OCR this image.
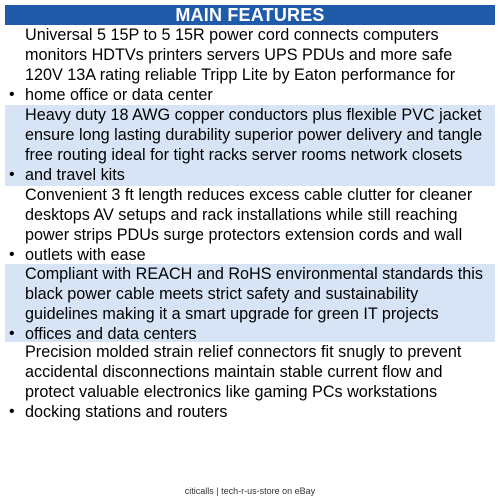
MAIN FEATURES
•
Universal 5 15P to 5 15R power cord connects computers
monitors HDTVs printers servers UPS PDUs and more safe
120V 13A rating reliable Tripp Lite by Eaton performance for
home office or data center
•
Heavy duty 18 AWG copper conductors plus flexible PVC jacket
ensure long lasting durability superior power delivery and tangle
free routing ideal for tight racks server rooms network closets
and travel kits
•
Convenient 3 ft length reduces excess cable clutter for cleaner
desktops AV setups and rack installations while still reaching
power strips PDUs surge protectors extension cords and wall
outlets with ease
•
Compliant with REACH and RoHS environmental standards this
black power cable meets strict safety and sustainability
guidelines making it a smart upgrade for green IT projects
offices and data centers
•
Precision molded strain relief connectors fit snugly to prevent
accidental disconnections maintain stable current flow and
protect valuable electronics like gaming PCs workstations
docking stations and routers
citicalls | tech-r-us-store on eBay
